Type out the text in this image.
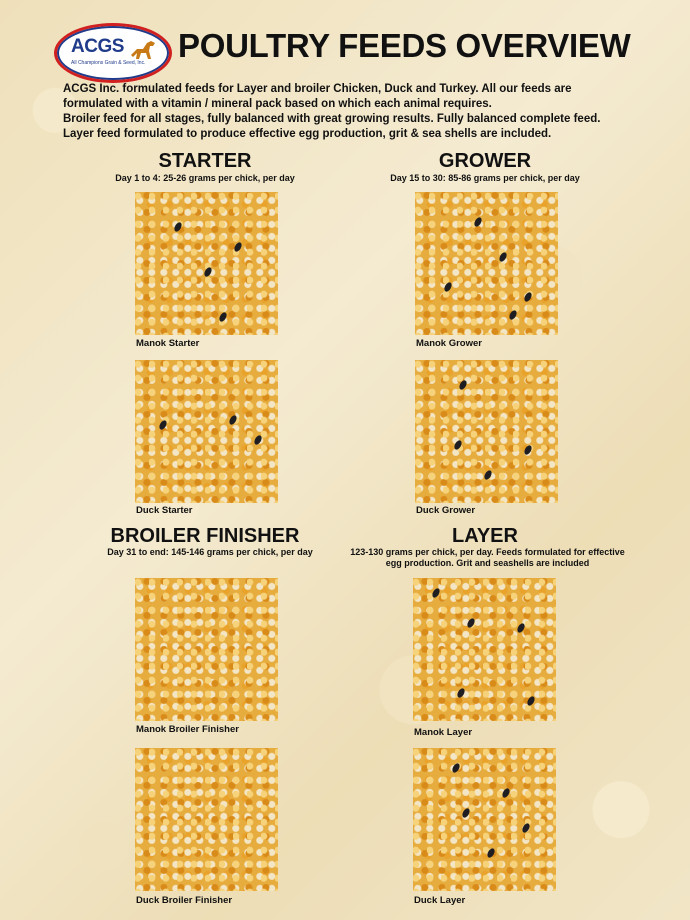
ACGS
All Champions Grain & Seed, Inc. POULTRY FEEDS OVERVIEW

ACGS Inc. formulated feeds for Layer and broiler Chicken, Duck and Turkey. All our feeds are formulated with a vitamin / mineral pack based on which each animal requires.

Broiler feed for all stages, fully balanced with great growing results. Fully balanced complete feed. Layer feed formulated to produce effective egg production, grit & sea shells are included.

STARTER
Day 1 to 4: 25-26 grams per chick, per day
Manok Starter
Duck Starter
GROWER
Day 15 to 30: 85-86 grams per chick, per day
Manok Grower
Duck Grower
BROILER FINISHER
Day 31 to end: 145-146 grams per chick, per day
Manok Broiler Finisher
Duck Broiler Finisher
LAYER
123-130 grams per chick, per day. Feeds formulated for effective
egg production. Grit and seashells are included
Manok Layer
Duck Layer
